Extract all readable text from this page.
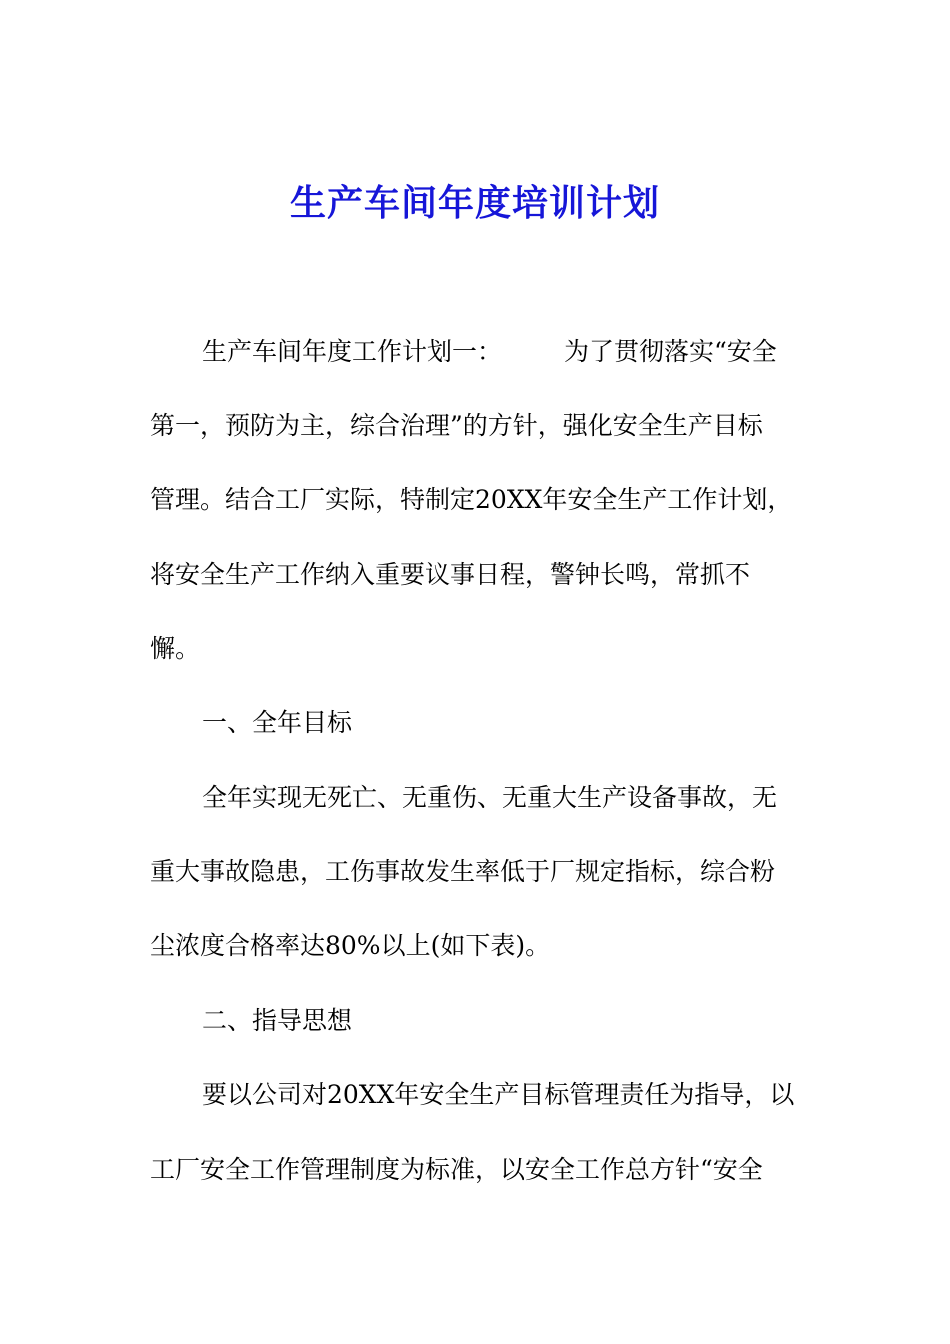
生产车间年度培训计划
生产车间年度工作计划一： 为了贯彻落实“安全
第一，预防为主，综合治理”的方针，强化安全生产目标
管理。结合工厂实际，特制定20XX年安全生产工作计划，
将安全生产工作纳入重要议事日程，警钟长鸣，常抓不
懈。
一、全年目标
全年实现无死亡、无重伤、无重大生产设备事故，无
重大事故隐患，工伤事故发生率低于厂规定指标，综合粉
尘浓度合格率达80%以上(如下表)。
二、指导思想
要以公司对20XX年安全生产目标管理责任为指导，以
工厂安全工作管理制度为标准，以安全工作总方针“安全
